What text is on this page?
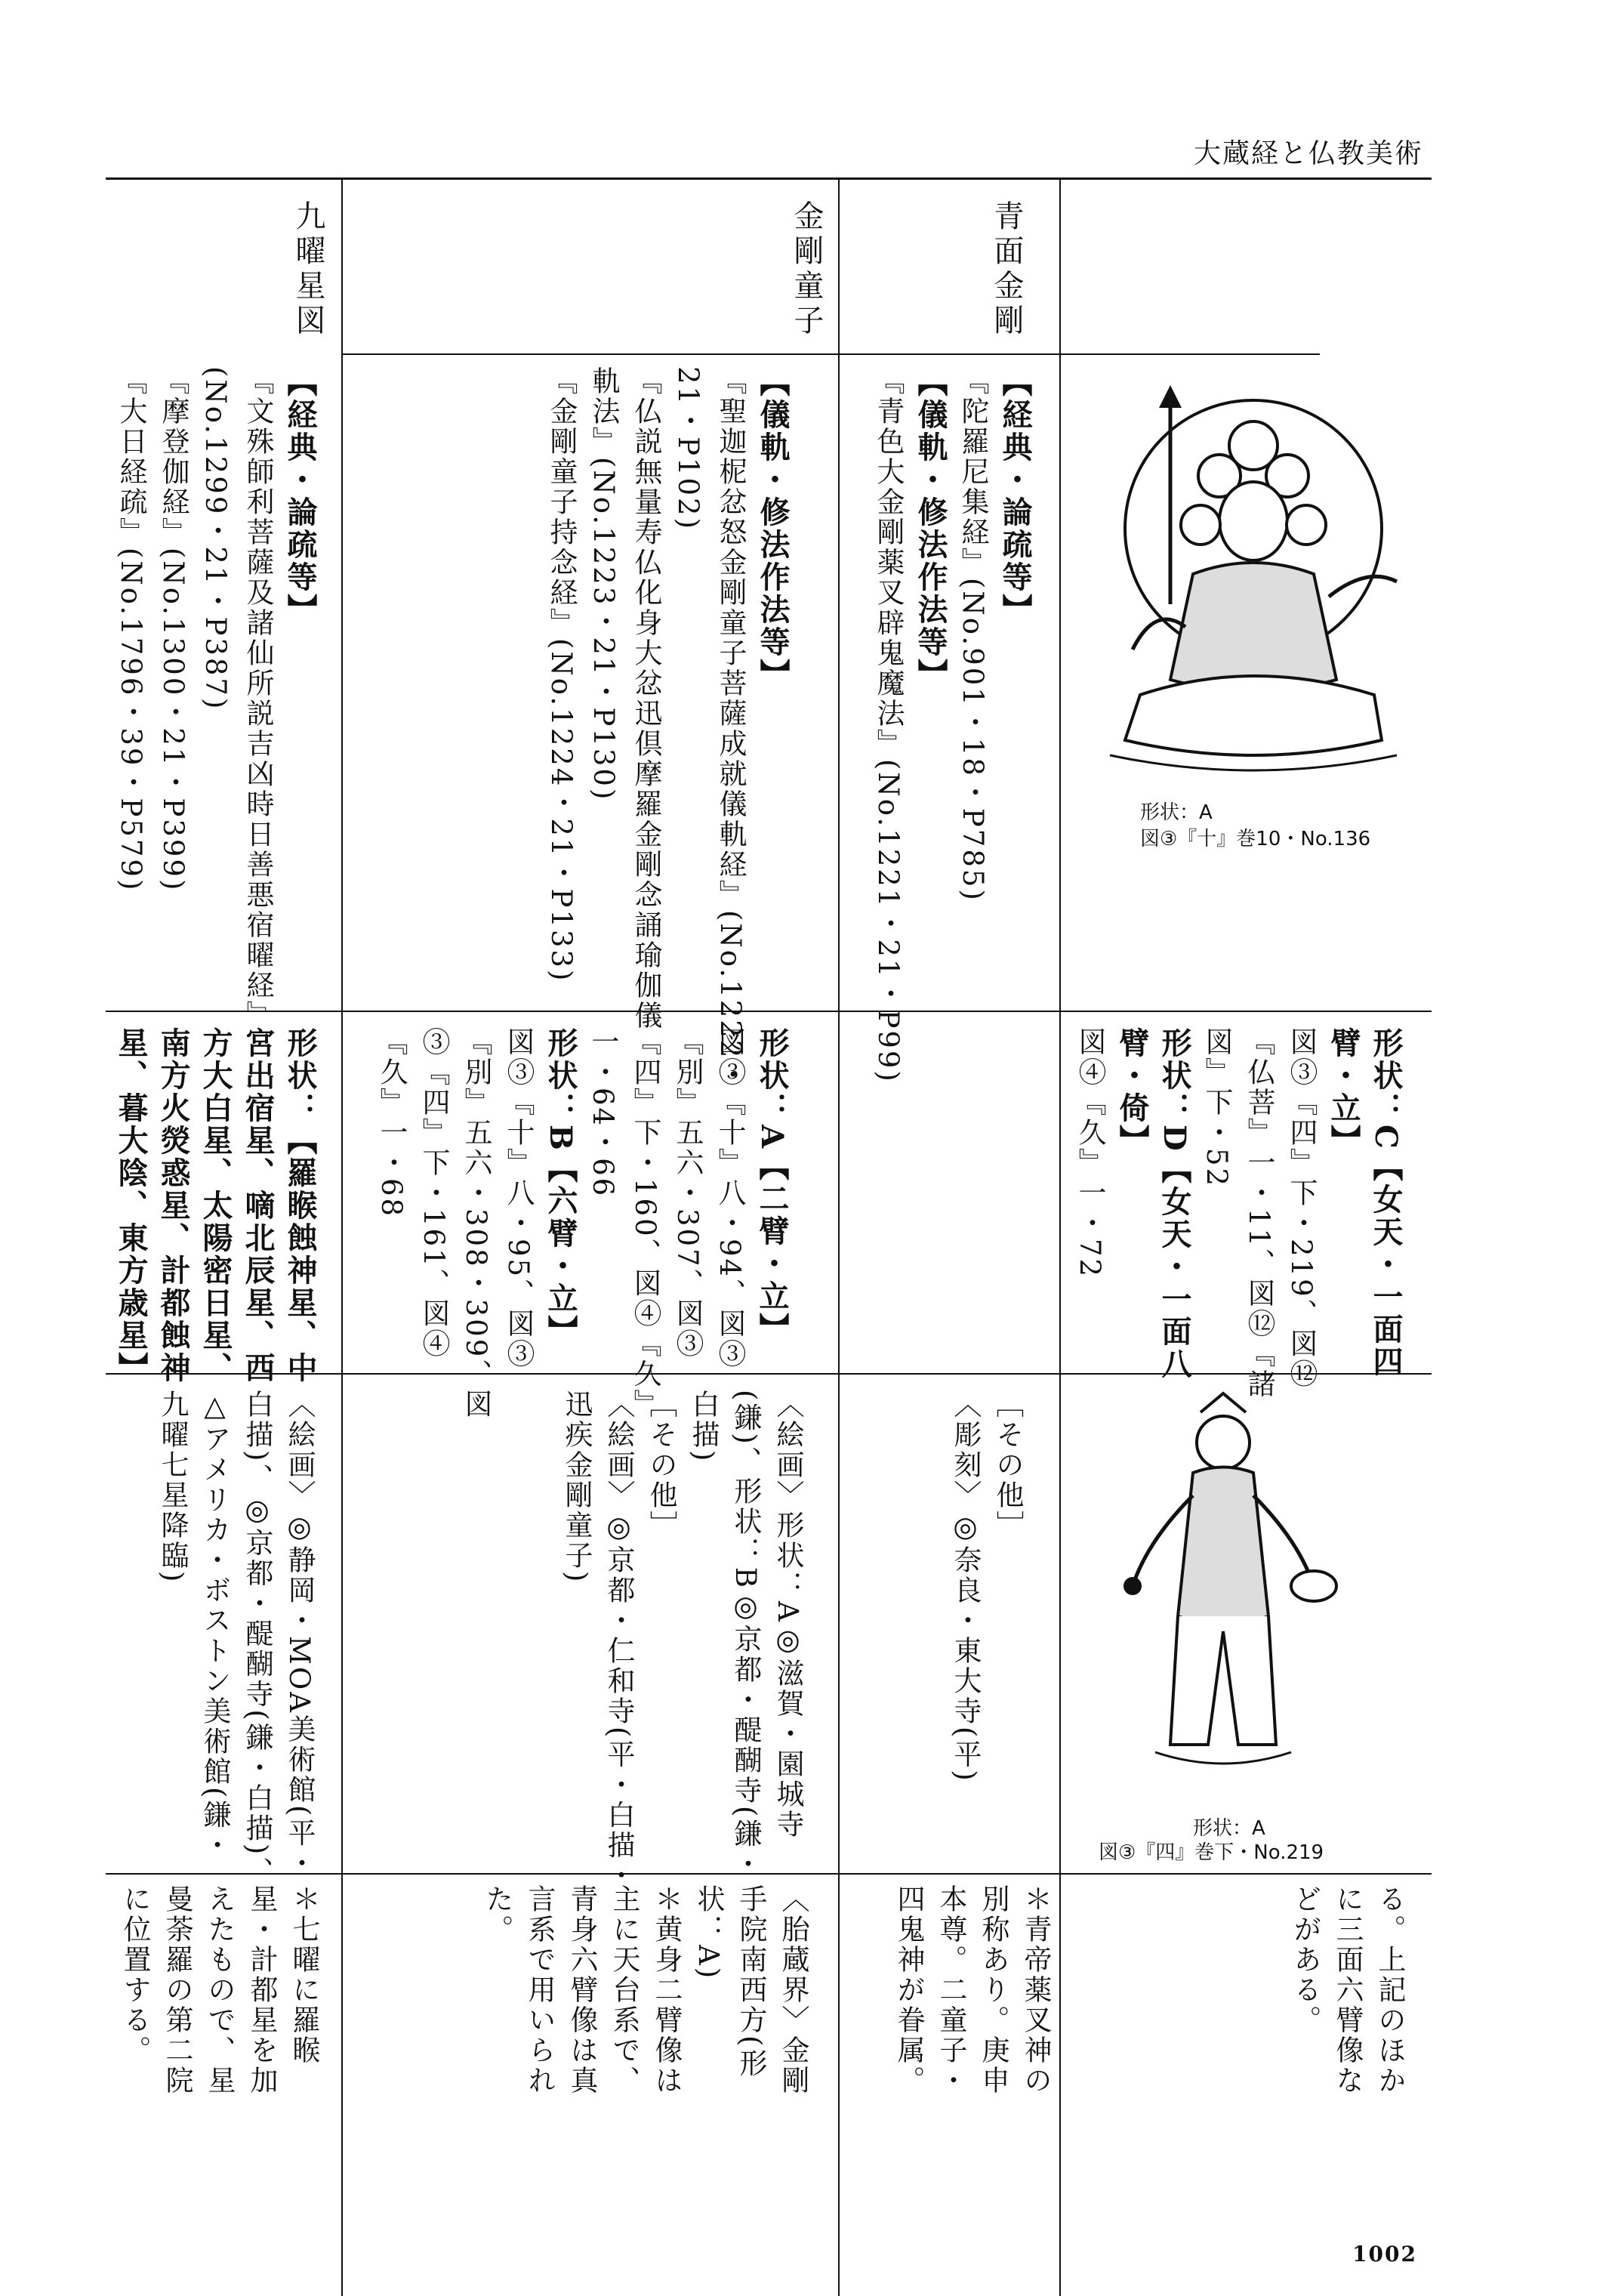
大蔵経と仏教美術
青面金剛

【経典・論疏等】

『陀羅尼集経』(No.901・18・P785)

【儀軌・修法作法等】

『青色大金剛薬叉辟鬼魔法』(No.1221・21・P99)	形状：A
図③『十』巻10・No.136

形状：C【女天・一面四

臂・立】

図③『四』下・219、図⑫

『仏菩』一・11、図⑫『諸

図』下・52

形状：D【女天・一面八

臂・倚】

図④『久』一・72

［その他］

〈彫刻〉◎奈良・東大寺(平)

形状：A
図③『四』巻下・No.219

＊青帝薬叉神の

別称あり。庚申

本尊。二童子・

四鬼神が眷属。	る。上記のほか

に三面六臂像な

どがある。

金剛童子

【儀軌・修法作法等】

『聖迦柅忿怒金剛童子菩薩成就儀軌経』(No.1222・

21・P102)

『仏説無量寿仏化身大忿迅倶摩羅金剛念誦瑜伽儀

軌法』(No.1223・21・P130)

『金剛童子持念経』(No.1224・21・P133)

形状：A【二臂・立】

図③『十』八・94、図③

『別』五六・307、図③

『四』下・160、図④『久』

一・64・66

形状：B【六臂・立】

図③『十』八・95、図③

『別』五六・308・309、図

③『四』下・161、図④

『久』一・68

〈絵画〉形状：A◎滋賀・園城寺

(鎌)、形状：B◎京都・醍醐寺(鎌・

白描)

［その他］

〈絵画〉◎京都・仁和寺(平・白描・

迅疾金剛童子)

〈胎蔵界〉金剛

手院南西方(形

状：A)

＊黄身二臂像は

主に天台系で、

青身六臂像は真

言系で用いられ

た。

九曜星図

【経典・論疏等】

『文殊師利菩薩及諸仙所説吉凶時日善悪宿曜経』

(No.1299・21・P387)

『摩登伽経』(No.1300・21・P399)

『大日経疏』(No.1796・39・P579)

形状：【羅睺蝕神星、中

宮出宿星、嘀北辰星、西

方大白星、太陽密日星、

南方火熒惑星、計都蝕神

星、暮大陰、東方歳星】

〈絵画〉◎静岡・MOA美術館(平・

白描)、◎京都・醍醐寺(鎌・白描)、

△アメリカ・ボストン美術館(鎌・

九曜七星降臨)

＊七曜に羅睺

星・計都星を加

えたもので、星

曼荼羅の第二院

に位置する。

1002
